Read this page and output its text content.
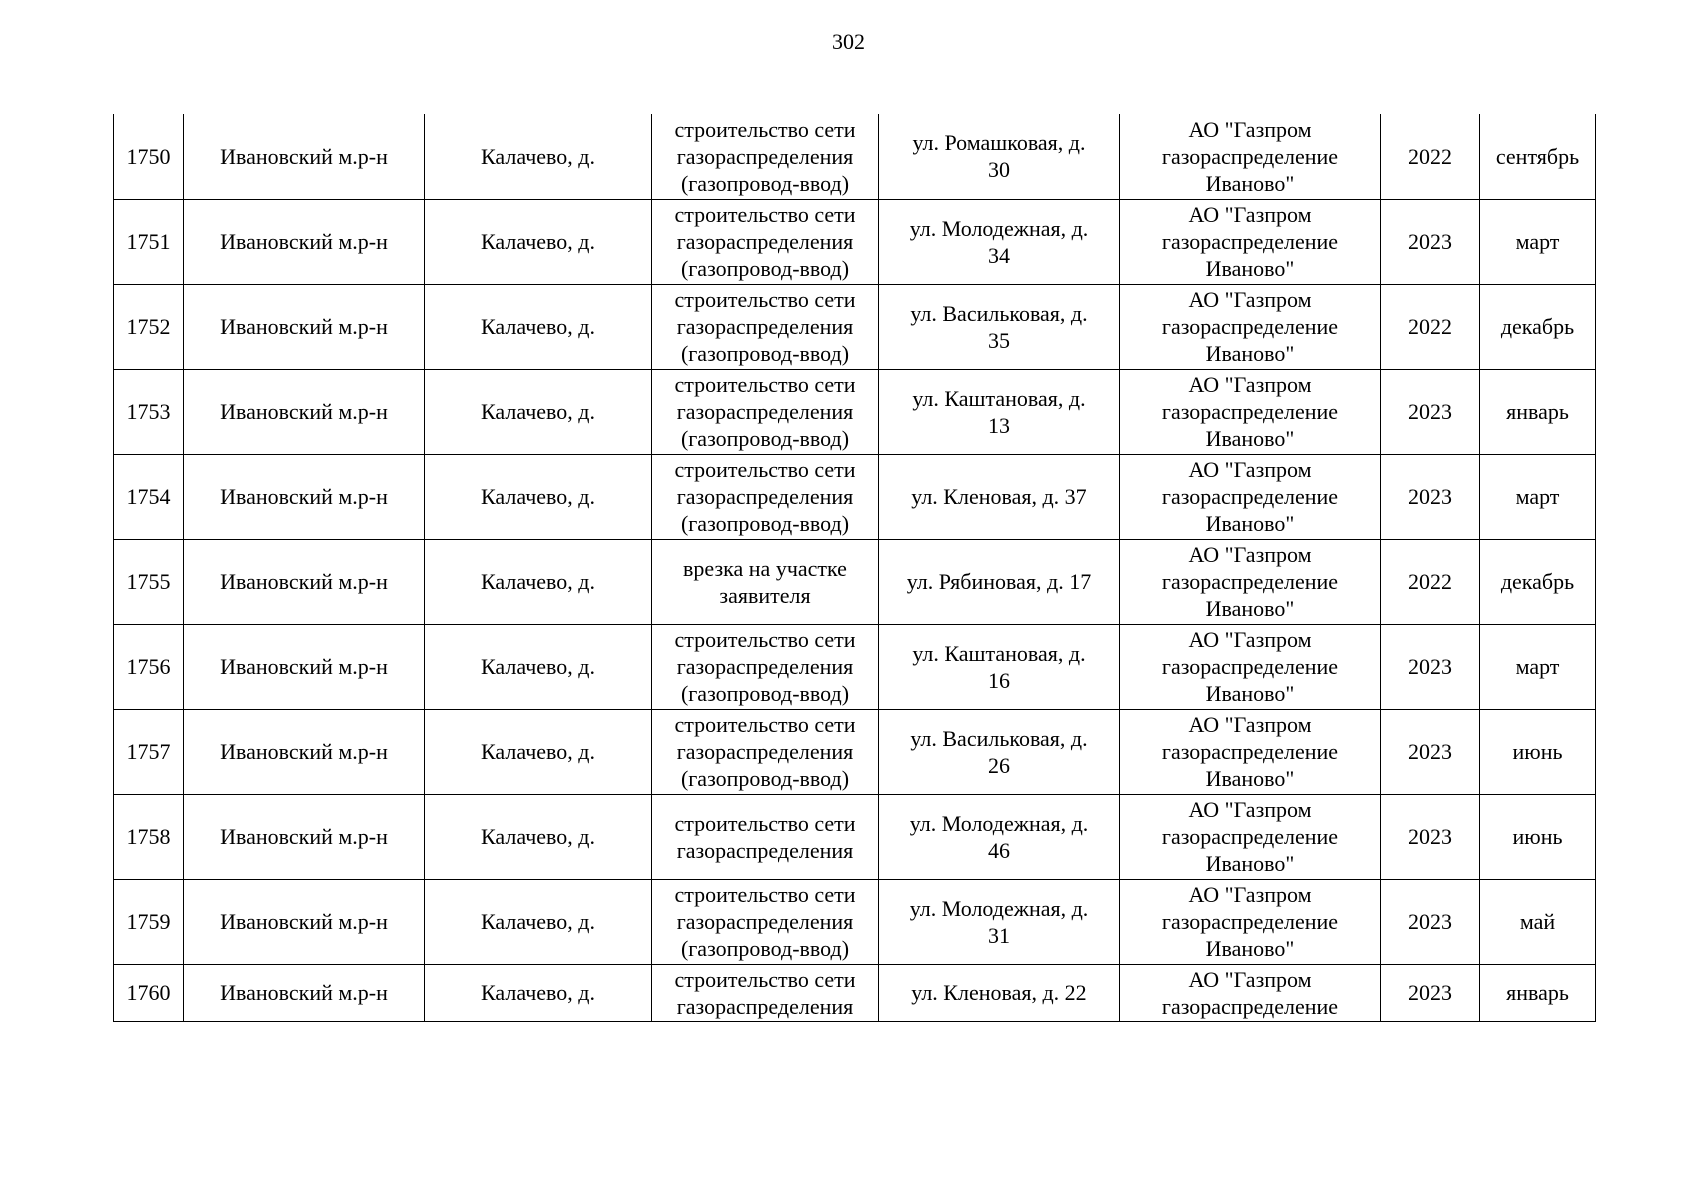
302
1750	Ивановский м.р-н	Калачево, д.	строительство сети
газораспределения
(газопровод-ввод)	ул. Ромашковая, д.
30	АО "Газпром
газораспределение
Иваново"	2022	сентябрь

1751	Ивановский м.р-н	Калачево, д.	строительство сети
газораспределения
(газопровод-ввод)	ул. Молодежная, д.
34	АО "Газпром
газораспределение
Иваново"	2023	март

1752	Ивановский м.р-н	Калачево, д.	строительство сети
газораспределения
(газопровод-ввод)	ул. Васильковая, д.
35	АО "Газпром
газораспределение
Иваново"	2022	декабрь

1753	Ивановский м.р-н	Калачево, д.	строительство сети
газораспределения
(газопровод-ввод)	ул. Каштановая, д.
13	АО "Газпром
газораспределение
Иваново"	2023	январь

1754	Ивановский м.р-н	Калачево, д.	строительство сети
газораспределения
(газопровод-ввод)	ул. Кленовая, д. 37	АО "Газпром
газораспределение
Иваново"	2023	март

1755	Ивановский м.р-н	Калачево, д.	врезка на участке
заявителя	ул. Рябиновая, д. 17	АО "Газпром
газораспределение
Иваново"	2022	декабрь

1756	Ивановский м.р-н	Калачево, д.	строительство сети
газораспределения
(газопровод-ввод)	ул. Каштановая, д.
16	АО "Газпром
газораспределение
Иваново"	2023	март

1757	Ивановский м.р-н	Калачево, д.	строительство сети
газораспределения
(газопровод-ввод)	ул. Васильковая, д.
26	АО "Газпром
газораспределение
Иваново"	2023	июнь

1758	Ивановский м.р-н	Калачево, д.	строительство сети
газораспределения	ул. Молодежная, д.
46	АО "Газпром
газораспределение
Иваново"	2023	июнь

1759	Ивановский м.р-н	Калачево, д.	строительство сети
газораспределения
(газопровод-ввод)	ул. Молодежная, д.
31	АО "Газпром
газораспределение
Иваново"	2023	май

1760	Ивановский м.р-н	Калачево, д.	строительство сети
газораспределения	ул. Кленовая, д. 22	АО "Газпром
газораспределение	2023	январь
